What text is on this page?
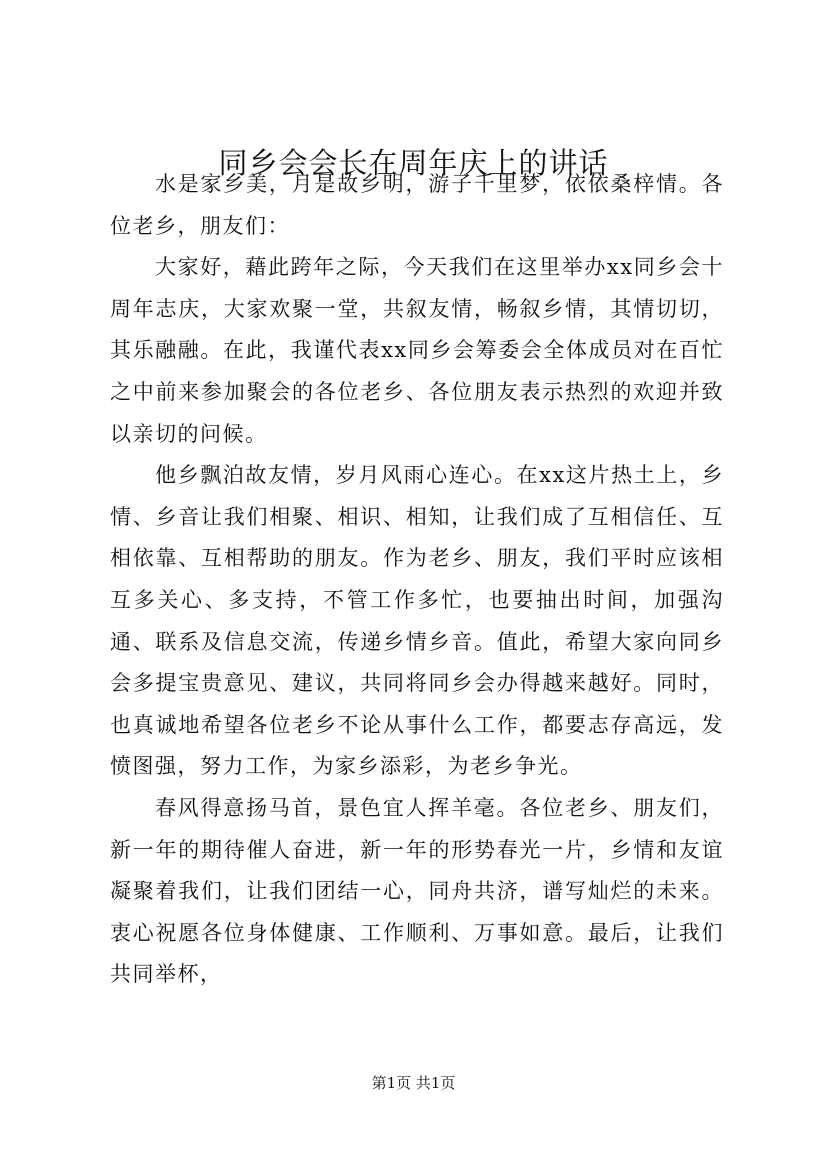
同乡会会长在周年庆上的讲话

水是家乡美，月是故乡明，游子千里梦，依依桑梓情。各位老乡，朋友们：

大家好，藉此跨年之际，今天我们在这里举办xx同乡会十周年志庆，大家欢聚一堂，共叙友情，畅叙乡情，其情切切，其乐融融。在此，我谨代表xx同乡会筹委会全体成员对在百忙之中前来参加聚会的各位老乡、各位朋友表示热烈的欢迎并致以亲切的问候。

他乡飘泊故友情，岁月风雨心连心。在xx这片热土上，乡情、乡音让我们相聚、相识、相知，让我们成了互相信任、互相依靠、互相帮助的朋友。作为老乡、朋友，我们平时应该相互多关心、多支持，不管工作多忙，也要抽出时间，加强沟通、联系及信息交流，传递乡情乡音。值此，希望大家向同乡会多提宝贵意见、建议，共同将同乡会办得越来越好。同时，也真诚地希望各位老乡不论从事什么工作，都要志存高远，发愤图强，努力工作，为家乡添彩，为老乡争光。

春风得意扬马首，景色宜人挥羊毫。各位老乡、朋友们，新一年的期待催人奋进，新一年的形势春光一片，乡情和友谊凝聚着我们，让我们团结一心，同舟共济，谱写灿烂的未来。衷心祝愿各位身体健康、工作顺利、万事如意。最后，让我们共同举杯，

第1页 共1页
